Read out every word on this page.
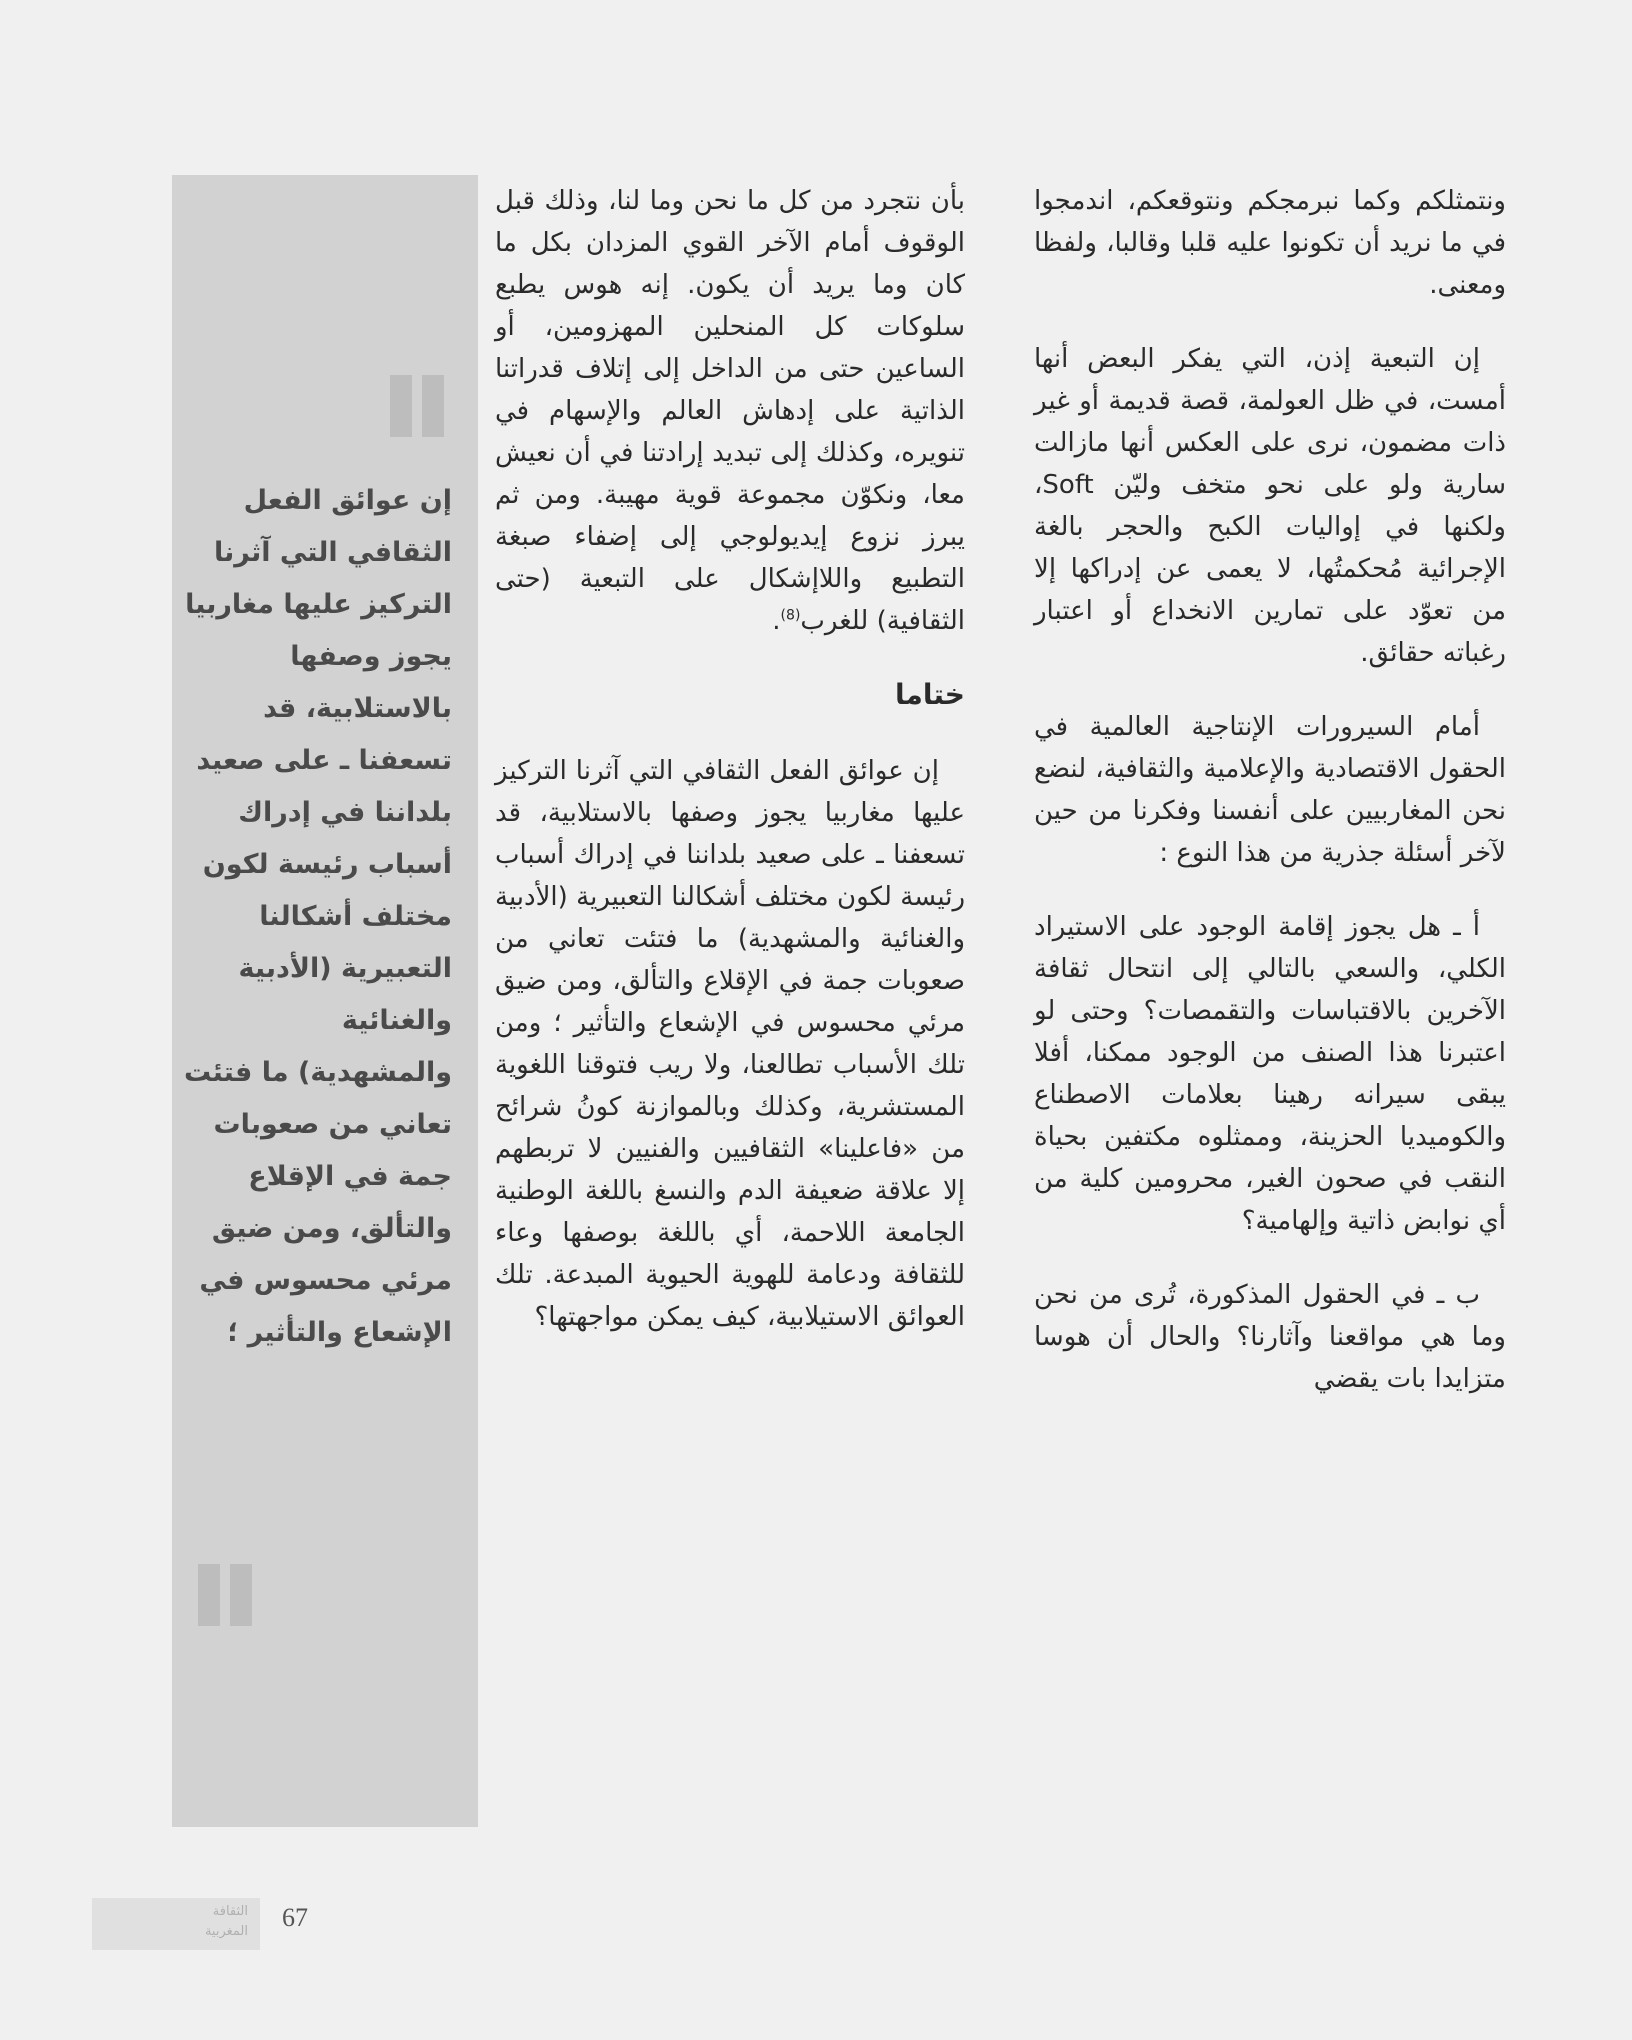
ونتمثلكم وكما نبرمجكم ونتوقعكم، اندمجوا في ما نريد أن تكونوا عليه قلبا وقالبا، ولفظا ومعنى.

إن التبعية إذن، التي يفكر البعض أنها أمست، في ظل العولمة، قصة قديمة أو غير ذات مضمون، نرى على العكس أنها مازالت سارية ولو على نحو متخف وليّن Soft، ولكنها في إواليات الكبح والحجر بالغة الإجرائية مُحكمتُها، لا يعمى عن إدراكها إلا من تعوّد على تمارين الانخداع أو اعتبار رغباته حقائق.

أمام السيرورات الإنتاجية العالمية في الحقول الاقتصادية والإعلامية والثقافية، لنضع نحن المغاربيين على أنفسنا وفكرنا من حين لآخر أسئلة جذرية من هذا النوع :

أ ـ هل يجوز إقامة الوجود على الاستيراد الكلي، والسعي بالتالي إلى انتحال ثقافة الآخرين بالاقتباسات والتقمصات؟ وحتى لو اعتبرنا هذا الصنف من الوجود ممكنا، أفلا يبقى سيرانه رهينا بعلامات الاصطناع والكوميديا الحزينة، وممثلوه مكتفين بحياة النقب في صحون الغير، محرومين كلية من أي نوابض ذاتية وإلهامية؟

ب ـ في الحقول المذكورة، تُرى من نحن وما هي مواقعنا وآثارنا؟ والحال أن هوسا متزايدا بات يقضي

بأن نتجرد من كل ما نحن وما لنا، وذلك قبل الوقوف أمام الآخر القوي المزدان بكل ما كان وما يريد أن يكون. إنه هوس يطبع سلوكات كل المنحلين المهزومين، أو الساعين حتى من الداخل إلى إتلاف قدراتنا الذاتية على إدهاش العالم والإسهام في تنويره، وكذلك إلى تبديد إرادتنا في أن نعيش معا، ونكوّن مجموعة قوية مهيبة. ومن ثم يبرز نزوع إيديولوجي إلى إضفاء صبغة التطبيع واللاإشكال على التبعية (حتى الثقافية) للغرب$^{(8)}$.

ختاما

إن عوائق الفعل الثقافي التي آثرنا التركيز عليها مغاربيا يجوز وصفها بالاستلابية، قد تسعفنا ـ على صعيد بلداننا في إدراك أسباب رئيسة لكون مختلف أشكالنا التعبيرية (الأدبية والغنائية والمشهدية) ما فتئت تعاني من صعوبات جمة في الإقلاع والتألق، ومن ضيق مرئي محسوس في الإشعاع والتأثير ؛ ومن تلك الأسباب تطالعنا، ولا ريب فتوقنا اللغوية المستشرية، وكذلك وبالموازنة كونُ شرائح من «فاعلينا» الثقافيين والفنيين لا تربطهم إلا علاقة ضعيفة الدم والنسغ باللغة الوطنية الجامعة اللاحمة، أي باللغة بوصفها وعاء للثقافة ودعامة للهوية الحيوية المبدعة. تلك العوائق الاستيلابية، كيف يمكن مواجهتها؟

إن عوائق الفعل الثقافي التي آثرنا التركيز عليها مغاربيا يجوز وصفها بالاستلابية، قد تسعفنا ـ على صعيد بلداننا في إدراك أسباب رئيسة لكون مختلف أشكالنا التعبيرية (الأدبية والغنائية والمشهدية) ما فتئت تعاني من صعوبات جمة في الإقلاع والتألق، ومن ضيق مرئي محسوس في الإشعاع والتأثير ؛
الثقافة المغربية 67
